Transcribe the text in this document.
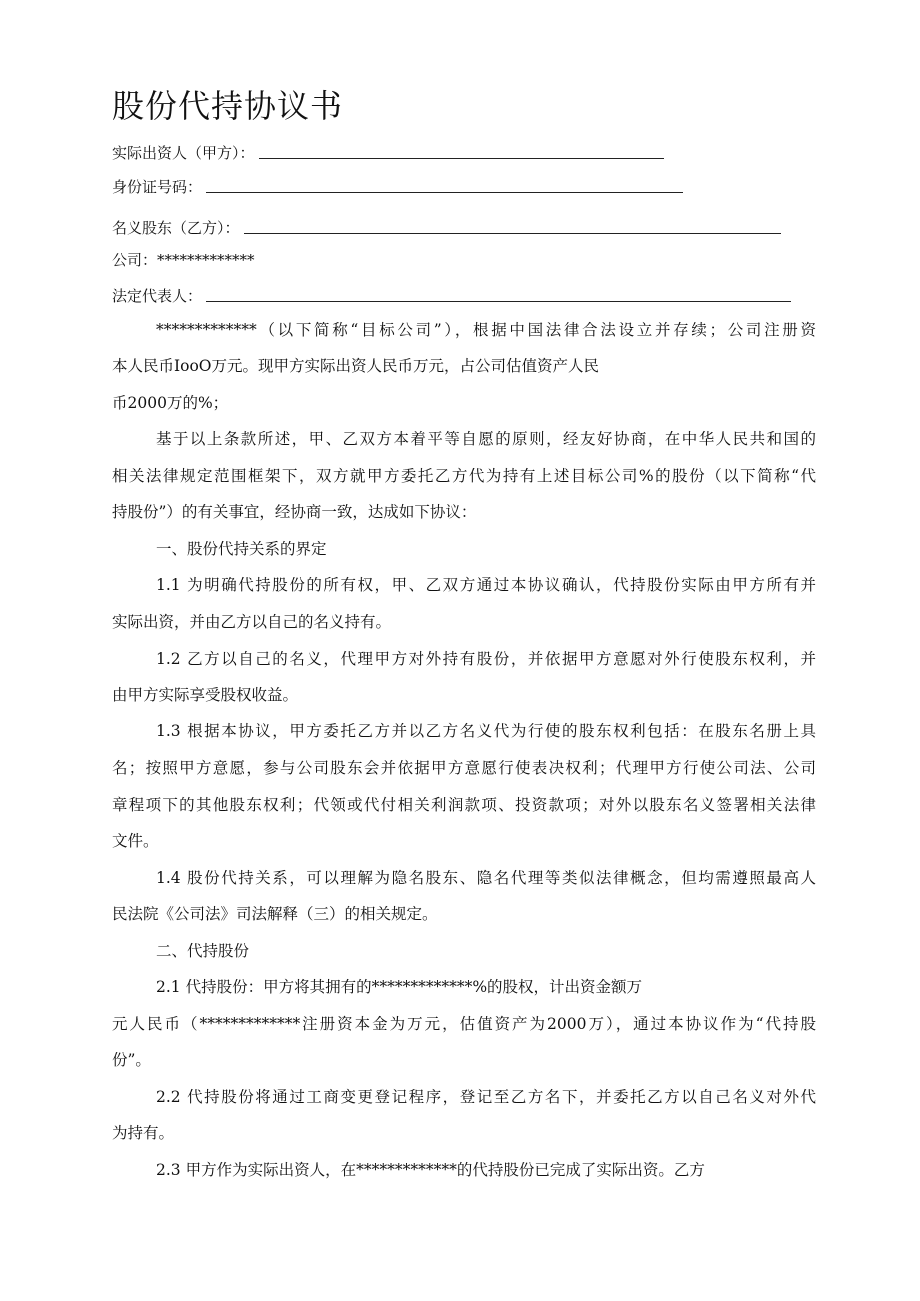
股份代持协议书
实际出资人（甲方）：
身份证号码：
名义股东（乙方）：
公司：*************
法定代表人：
*************（以下简称“目标公司”），根据中国法律合法设立并存续；公司注册资
本人民币IooO万元。现甲方实际出资人民币万元，占公司估值资产人民
币2000万的%；
基于以上条款所述，甲、乙双方本着平等自愿的原则，经友好协商，在中华人民共和国的
相关法律规定范围框架下，双方就甲方委托乙方代为持有上述目标公司%的股份（以下简称“代
持股份”）的有关事宜，经协商一致，达成如下协议：
一、股份代持关系的界定
1.1 为明确代持股份的所有权，甲、乙双方通过本协议确认，代持股份实际由甲方所有并
实际出资，并由乙方以自己的名义持有。
1.2 乙方以自己的名义，代理甲方对外持有股份，并依据甲方意愿对外行使股东权利，并
由甲方实际享受股权收益。
1.3 根据本协议，甲方委托乙方并以乙方名义代为行使的股东权利包括：在股东名册上具
名；按照甲方意愿，参与公司股东会并依据甲方意愿行使表决权利；代理甲方行使公司法、公司
章程项下的其他股东权利；代领或代付相关利润款项、投资款项；对外以股东名义签署相关法律
文件。
1.4 股份代持关系，可以理解为隐名股东、隐名代理等类似法律概念，但均需遵照最高人
民法院《公司法》司法解释（三）的相关规定。
二、代持股份
2.1 代持股份：甲方将其拥有的*************%的股权，计出资金额万
元人民币（*************注册资本金为万元，估值资产为2000万），通过本协议作为“代持股
份”。
2.2 代持股份将通过工商变更登记程序，登记至乙方名下，并委托乙方以自己名义对外代
为持有。
2.3 甲方作为实际出资人，在*************的代持股份已完成了实际出资。乙方
